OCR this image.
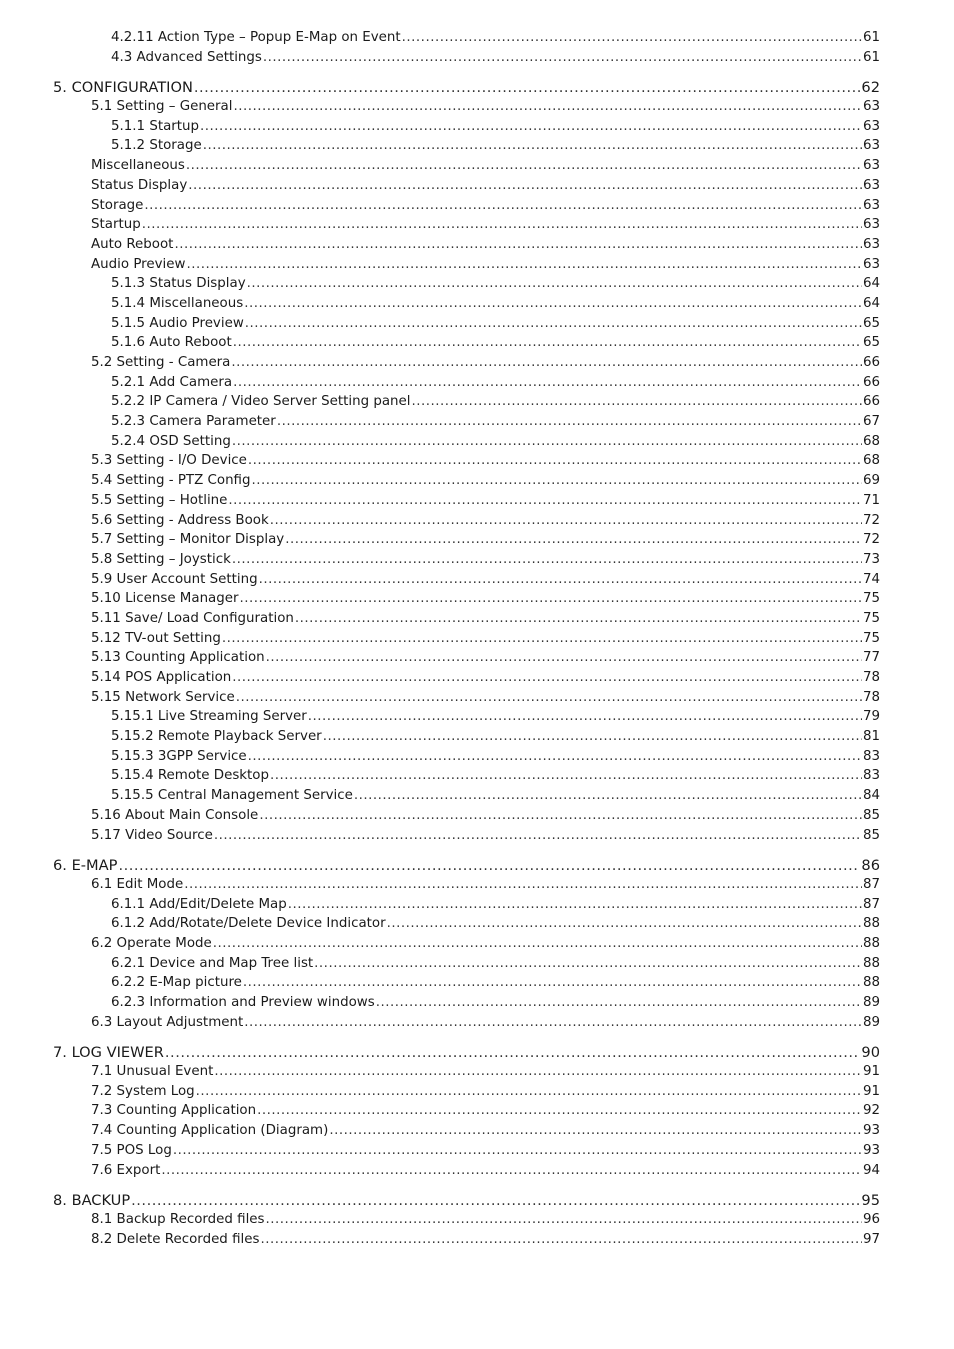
4.2.11 Action Type – Popup E-Map on Event .....	61
4.3 Advanced Settings .....	61
5. CONFIGURATION .....	62
5.1 Setting – General .....	63
5.1.1 Startup .....	63
5.1.2 Storage .....	63
Miscellaneous .....	63
Status Display .....	63
Storage .....	63
Startup .....	63
Auto Reboot .....	63
Audio Preview .....	63
5.1.3 Status Display .....	64
5.1.4 Miscellaneous .....	64
5.1.5 Audio Preview .....	65
5.1.6 Auto Reboot .....	65
5.2 Setting - Camera .....	66
5.2.1 Add Camera .....	66
5.2.2 IP Camera / Video Server Setting panel .....	66
5.2.3 Camera Parameter .....	67
5.2.4 OSD Setting .....	68
5.3 Setting - I/O Device .....	68
5.4 Setting - PTZ Config .....	69
5.5 Setting – Hotline .....	71
5.6 Setting - Address Book .....	72
5.7 Setting – Monitor Display .....	72
5.8 Setting – Joystick .....	73
5.9 User Account Setting .....	74
5.10 License Manager .....	75
5.11 Save/ Load Configuration .....	75
5.12 TV-out Setting .....	75
5.13 Counting Application .....	77
5.14 POS Application .....	78
5.15 Network Service .....	78
5.15.1 Live Streaming Server .....	79
5.15.2 Remote Playback Server .....	81
5.15.3 3GPP Service .....	83
5.15.4 Remote Desktop .....	83
5.15.5 Central Management Service .....	84
5.16 About Main Console .....	85
5.17 Video Source .....	85
6. E-MAP .....	86
6.1 Edit Mode .....	87
6.1.1 Add/Edit/Delete Map .....	87
6.1.2 Add/Rotate/Delete Device Indicator .....	88
6.2 Operate Mode .....	88
6.2.1 Device and Map Tree list .....	88
6.2.2 E-Map picture .....	88
6.2.3 Information and Preview windows .....	89
6.3 Layout Adjustment .....	89
7. LOG VIEWER .....	90
7.1 Unusual Event .....	91
7.2 System Log .....	91
7.3 Counting Application .....	92
7.4 Counting Application (Diagram) .....	93
7.5 POS Log .....	93
7.6 Export .....	94
8. BACKUP .....	95
8.1 Backup Recorded files .....	96
8.2 Delete Recorded files .....	97
